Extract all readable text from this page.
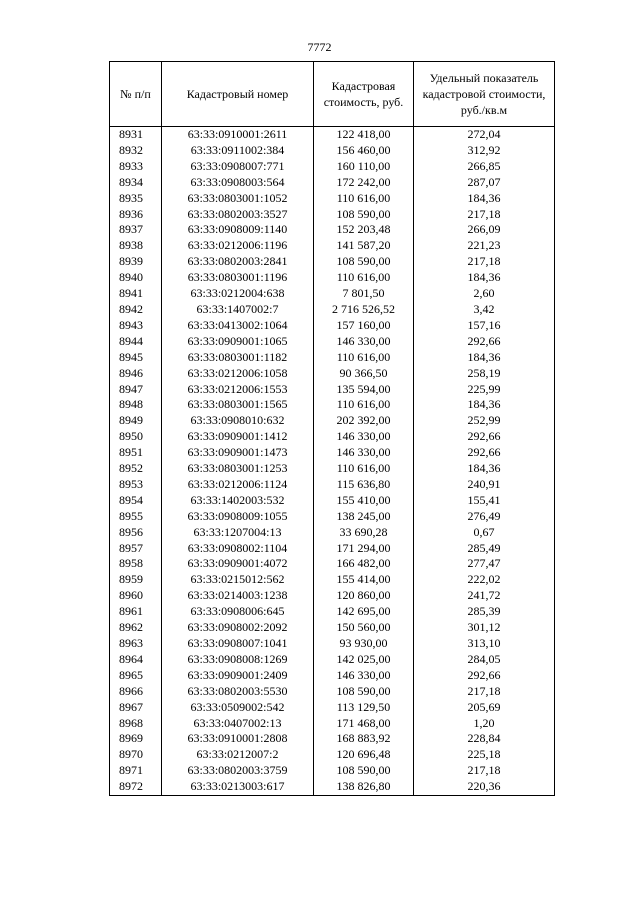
7772
№ п/п	Кадастровый номер	Кадастровая стоимость, руб.	Удельный показатель кадастровой стоимости, руб./кв.м
8931	63:33:0910001:2611	122 418,00	272,04
8932	63:33:0911002:384	156 460,00	312,92
8933	63:33:0908007:771	160 110,00	266,85
8934	63:33:0908003:564	172 242,00	287,07
8935	63:33:0803001:1052	110 616,00	184,36
8936	63:33:0802003:3527	108 590,00	217,18
8937	63:33:0908009:1140	152 203,48	266,09
8938	63:33:0212006:1196	141 587,20	221,23
8939	63:33:0802003:2841	108 590,00	217,18
8940	63:33:0803001:1196	110 616,00	184,36
8941	63:33:0212004:638	7 801,50	2,60
8942	63:33:1407002:7	2 716 526,52	3,42
8943	63:33:0413002:1064	157 160,00	157,16
8944	63:33:0909001:1065	146 330,00	292,66
8945	63:33:0803001:1182	110 616,00	184,36
8946	63:33:0212006:1058	90 366,50	258,19
8947	63:33:0212006:1553	135 594,00	225,99
8948	63:33:0803001:1565	110 616,00	184,36
8949	63:33:0908010:632	202 392,00	252,99
8950	63:33:0909001:1412	146 330,00	292,66
8951	63:33:0909001:1473	146 330,00	292,66
8952	63:33:0803001:1253	110 616,00	184,36
8953	63:33:0212006:1124	115 636,80	240,91
8954	63:33:1402003:532	155 410,00	155,41
8955	63:33:0908009:1055	138 245,00	276,49
8956	63:33:1207004:13	33 690,28	0,67
8957	63:33:0908002:1104	171 294,00	285,49
8958	63:33:0909001:4072	166 482,00	277,47
8959	63:33:0215012:562	155 414,00	222,02
8960	63:33:0214003:1238	120 860,00	241,72
8961	63:33:0908006:645	142 695,00	285,39
8962	63:33:0908002:2092	150 560,00	301,12
8963	63:33:0908007:1041	93 930,00	313,10
8964	63:33:0908008:1269	142 025,00	284,05
8965	63:33:0909001:2409	146 330,00	292,66
8966	63:33:0802003:5530	108 590,00	217,18
8967	63:33:0509002:542	113 129,50	205,69
8968	63:33:0407002:13	171 468,00	1,20
8969	63:33:0910001:2808	168 883,92	228,84
8970	63:33:0212007:2	120 696,48	225,18
8971	63:33:0802003:3759	108 590,00	217,18
8972	63:33:0213003:617	138 826,80	220,36
